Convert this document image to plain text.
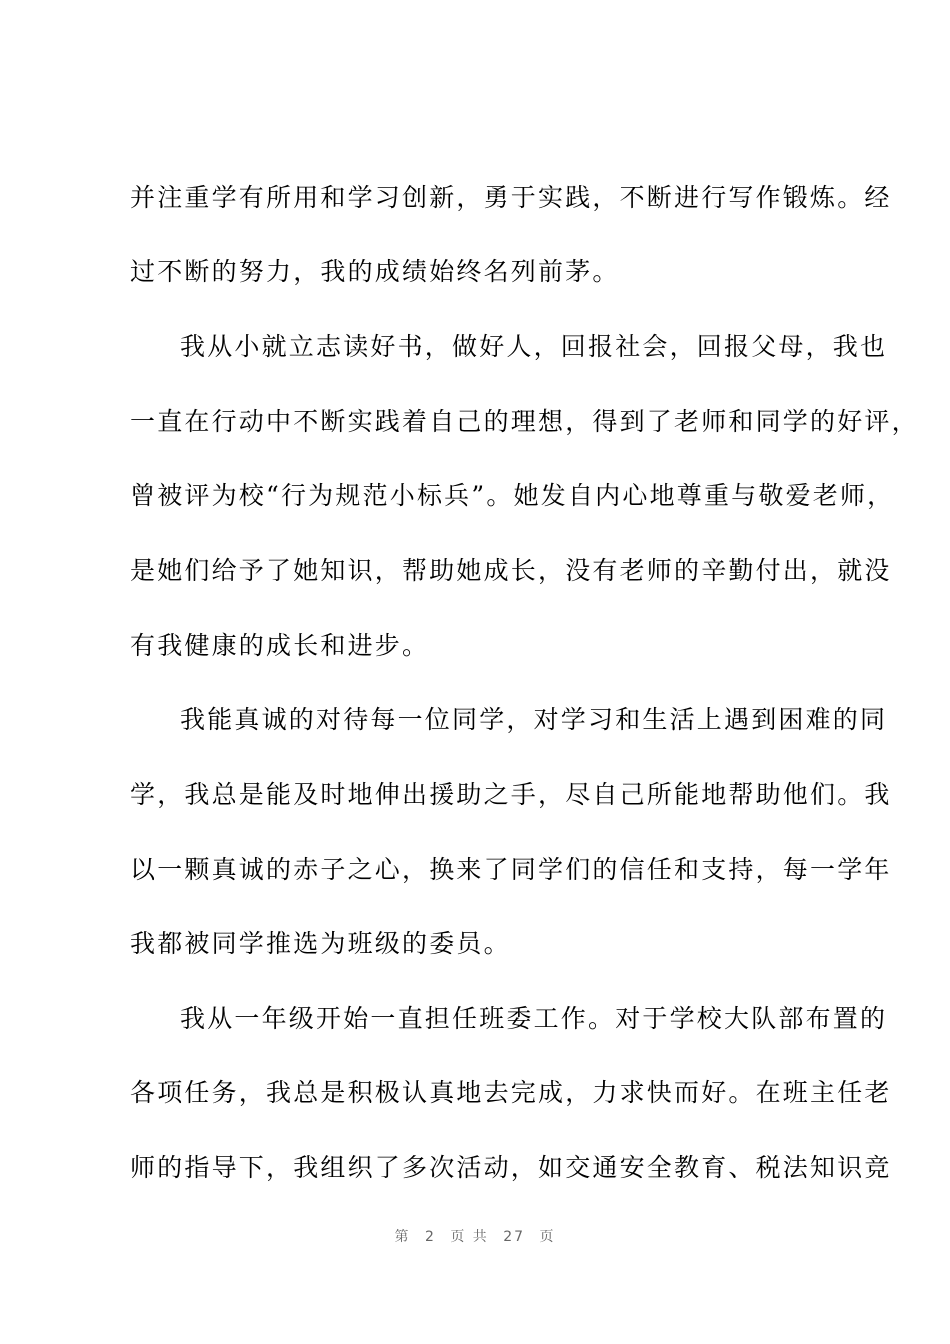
并注重学有所用和学习创新，勇于实践，不断进行写作锻炼。经
过不断的努力，我的成绩始终名列前茅。
我从小就立志读好书，做好人，回报社会，回报父母，我也
一直在行动中不断实践着自己的理想，得到了老师和同学的好评，
曾被评为校“行为规范小标兵”。她发自内心地尊重与敬爱老师，
是她们给予了她知识，帮助她成长，没有老师的辛勤付出，就没
有我健康的成长和进步。
我能真诚的对待每一位同学，对学习和生活上遇到困难的同
学，我总是能及时地伸出援助之手，尽自己所能地帮助他们。我
以一颗真诚的赤子之心，换来了同学们的信任和支持，每一学年
我都被同学推选为班级的委员。
我从一年级开始一直担任班委工作。对于学校大队部布置的
各项任务，我总是积极认真地去完成，力求快而好。在班主任老
师的指导下，我组织了多次活动，如交通安全教育、税法知识竞
第 2 页 共 27 页
